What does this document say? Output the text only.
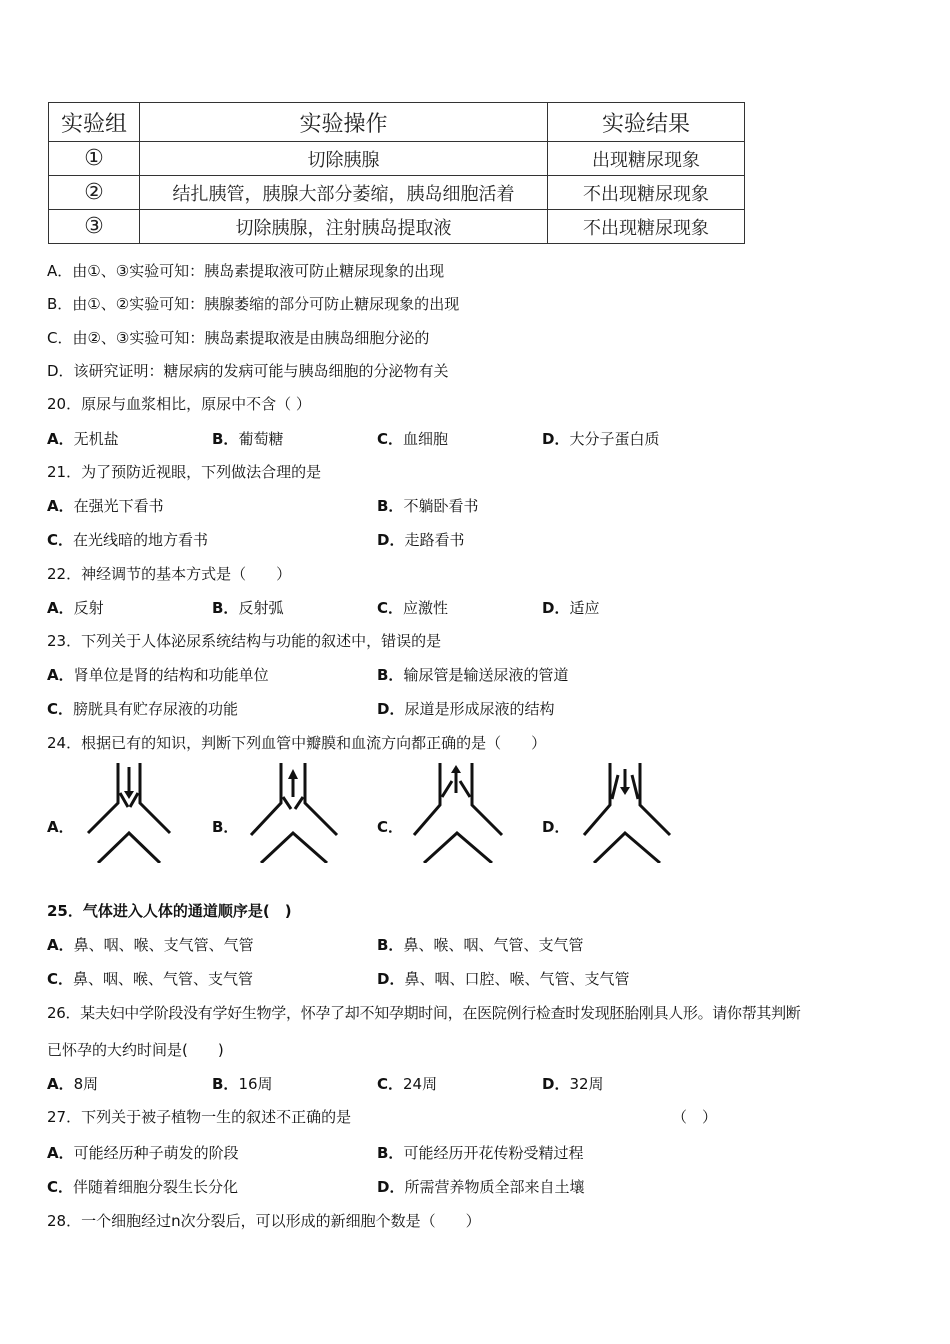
实验组	实验操作	实验结果
①	切除胰腺	出现糖尿现象
②	结扎胰管，胰腺大部分萎缩，胰岛细胞活着	不出现糖尿现象
③	切除胰腺，注射胰岛提取液	不出现糖尿现象
A．由①、③实验可知：胰岛素提取液可防止糖尿现象的出现
B．由①、②实验可知：胰腺萎缩的部分可防止糖尿现象的出现
C．由②、③实验可知：胰岛素提取液是由胰岛细胞分泌的
D．该研究证明：糖尿病的发病可能与胰岛细胞的分泌物有关
20．原尿与血浆相比，原尿中不含（ ）
A．无机盐	B．葡萄糖	C．血细胞	D．大分子蛋白质
21．为了预防近视眼，下列做法合理的是
A．在强光下看书	B．不躺卧看书
C．在光线暗的地方看书	D．走路看书
22．神经调节的基本方式是（　　）
A．反射	B．反射弧	C．应激性	D．适应
23．下列关于人体泌尿系统结构与功能的叙述中，错误的是
A．肾单位是肾的结构和功能单位	B．输尿管是输送尿液的管道
C．膀胱具有贮存尿液的功能	D．尿道是形成尿液的结构
24．根据已有的知识，判断下列血管中瓣膜和血流方向都正确的是（　　）
A．	B．	C．	D．
25．气体进入人体的通道顺序是(　)
A．鼻、咽、喉、支气管、气管	B．鼻、喉、咽、气管、支气管
C．鼻、咽、喉、气管、支气管	D．鼻、咽、口腔、喉、气管、支气管
26．某夫妇中学阶段没有学好生物学，怀孕了却不知孕期时间，在医院例行检查时发现胚胎刚具人形。请你帮其判断
已怀孕的大约时间是(　　)
A．8周	B．16周	C．24周	D．32周
27．下列关于被子植物一生的叙述不正确的是	（　）
A．可能经历种子萌发的阶段	B．可能经历开花传粉受精过程
C．伴随着细胞分裂生长分化	D．所需营养物质全部来自土壤
28．一个细胞经过n次分裂后，可以形成的新细胞个数是（　　）
